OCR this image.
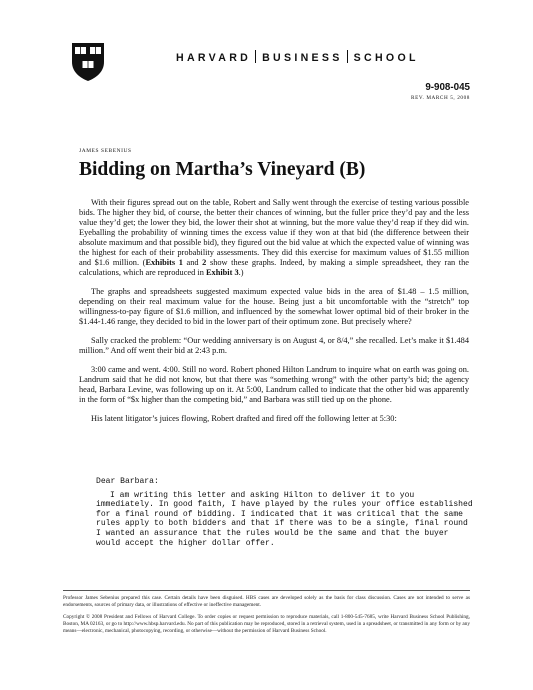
HARVARD BUSINESS SCHOOL
9-908-045
REV. MARCH 5, 2008
JAMES SEBENIUS
Bidding on Martha’s Vineyard (B)

With their figures spread out on the table, Robert and Sally went through the exercise of testing various possible bids. The higher they bid, of course, the better their chances of winning, but the fuller price they’d pay and the less value they’d get; the lower they bid, the lower their shot at winning, but the more value they’d reap if they did win. Eyeballing the probability of winning times the excess value if they won at that bid (the difference between their absolute maximum and that possible bid), they figured out the bid value at which the expected value of winning was the highest for each of their probability assessments. They did this exercise for maximum values of $1.55 million and $1.6 million. (Exhibits 1 and 2 show these graphs. Indeed, by making a simple spreadsheet, they ran the calculations, which are reproduced in Exhibit 3.)

The graphs and spreadsheets suggested maximum expected value bids in the area of $1.48 – 1.5 million, depending on their real maximum value for the house. Being just a bit uncomfortable with the “stretch” top willingness-to-pay figure of $1.6 million, and influenced by the somewhat lower optimal bid of their broker in the $1.44-1.46 range, they decided to bid in the lower part of their optimum zone. But precisely where?

Sally cracked the problem: “Our wedding anniversary is on August 4, or 8/4,” she recalled. Let’s make it $1.484 million.” And off went their bid at 2:43 p.m.

3:00 came and went. 4:00. Still no word. Robert phoned Hilton Landrum to inquire what on earth was going on. Landrum said that he did not know, but that there was “something wrong” with the other party’s bid; the agency head, Barbara Levine, was following up on it. At 5:00, Landrum called to indicate that the other bid was apparently in the form of “$x higher than the competing bid,” and Barbara was still tied up on the phone.

His latent litigator’s juices flowing, Robert drafted and fired off the following letter at 5:30:

Dear Barbara:
I am writing this letter and asking Hilton to deliver it to you immediately. In good faith, I have played by the rules your office established for a final round of bidding. I indicated that it was critical that the same rules apply to both bidders and that if there was to be a single, final round I wanted an assurance that the rules would be the same and that the buyer would accept the higher dollar offer.
Professor James Sebenius prepared this case. Certain details have been disguised. HBS cases are developed solely as the basis for class discussion. Cases are not intended to serve as endorsements, sources of primary data, or illustrations of effective or ineffective management.
Copyright © 2008 President and Fellows of Harvard College. To order copies or request permission to reproduce materials, call 1-800-545-7685, write Harvard Business School Publishing, Boston, MA 02163, or go to http://www.hbsp.harvard.edu. No part of this publication may be reproduced, stored in a retrieval system, used in a spreadsheet, or transmitted in any form or by any means—electronic, mechanical, photocopying, recording, or otherwise—without the permission of Harvard Business School.
